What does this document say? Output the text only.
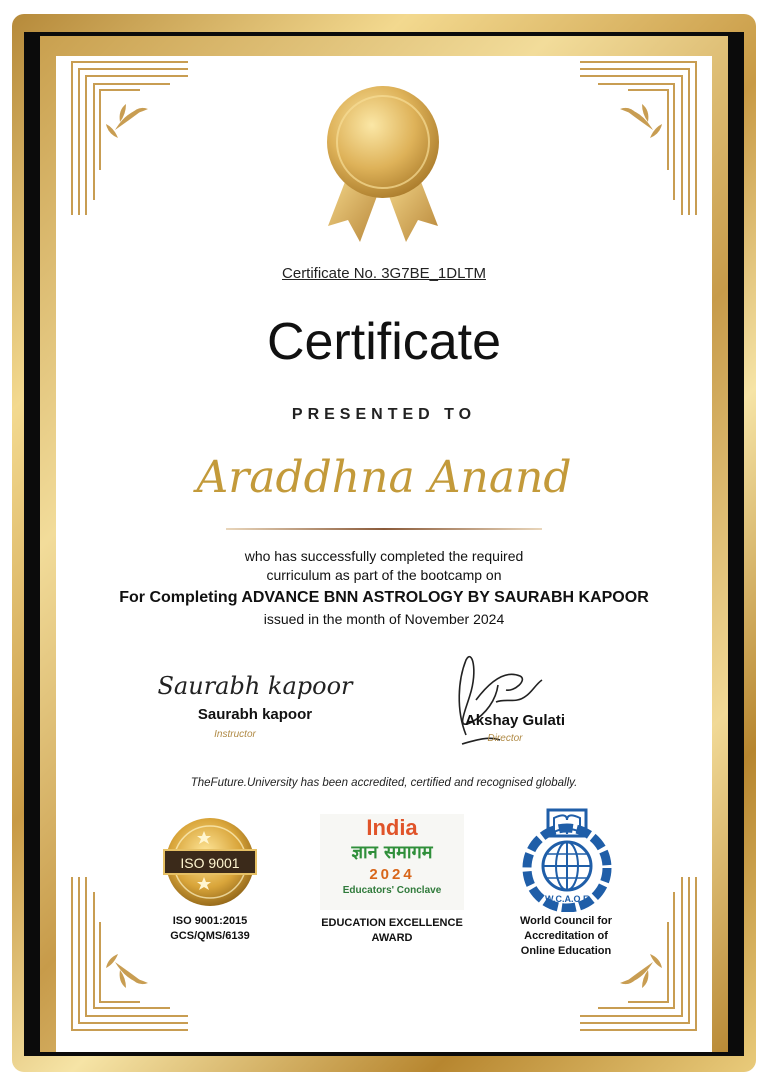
Certificate No. 3G7BE_1DLTM
Certificate
PRESENTED TO
Araddhna Anand
who has successfully completed the required
curriculum as part of the bootcamp on
For Completing ADVANCE BNN ASTROLOGY BY SAURABH KAPOOR
issued in the month of November 2024
Saurabh kapoor
Saurabh kapoor
Instructor
Akshay Gulati
Director
TheFuture.University has been accredited, certified and recognised globally.
ISO 9001
ISO 9001:2015
GCS/QMS/6139
India
ज्ञान समागम
2024
Educators' Conclave
EDUCATION EXCELLENCE
AWARD
W.C.A.O.E
World Council for
Accreditation of
Online Education
